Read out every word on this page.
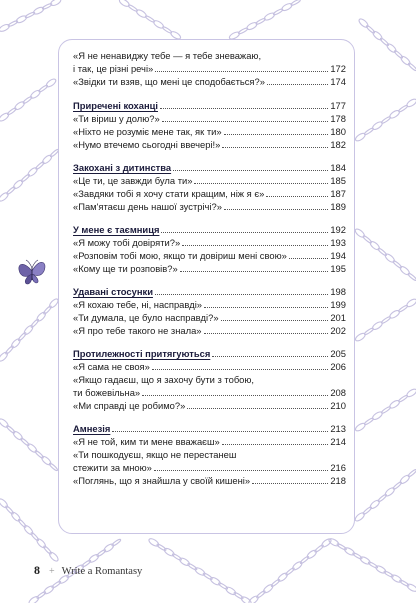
«Я не ненавиджу тебе — я тебе зневажаю,
і так, це різні речі»	172
«Звідки ти взяв, що мені це сподобається?»	174
Приречені коханці	177
«Ти віриш у долю?»	178
«Ніхто не розуміє мене так, як ти»	180
«Нумо втечемо сьогодні ввечері!»	182
Закохані з дитинства	184
«Це ти, це завжди була ти»	185
«Завдяки тобі я хочу стати кращим, ніж я є»	187
«Пам'ятаєш день нашої зустрічі?»	189
У мене є таємниця	192
«Я можу тобі довіряти?»	193
«Розповім тобі мою, якщо ти довіриш мені свою»	194
«Кому ще ти розповів?»	195
Удавані стосунки	198
«Я кохаю тебе, ні, насправді»	199
«Ти думала, це було насправді?»	201
«Я про тебе такого не знала»	202
Протилежності притягуються	205
«Я сама не своя»	206
«Якщо гадаєш, що я захочу бути з тобою,
ти божевільна»	208
«Ми справді це робимо?»	210
Амнезія	213
«Я не той, ким ти мене вважаєш»	214
«Ти пошкодуєш, якщо не перестанеш
стежити за мною»	216
«Поглянь, що я знайшла у своїй кишені»	218
8 + Write a Romantasy
